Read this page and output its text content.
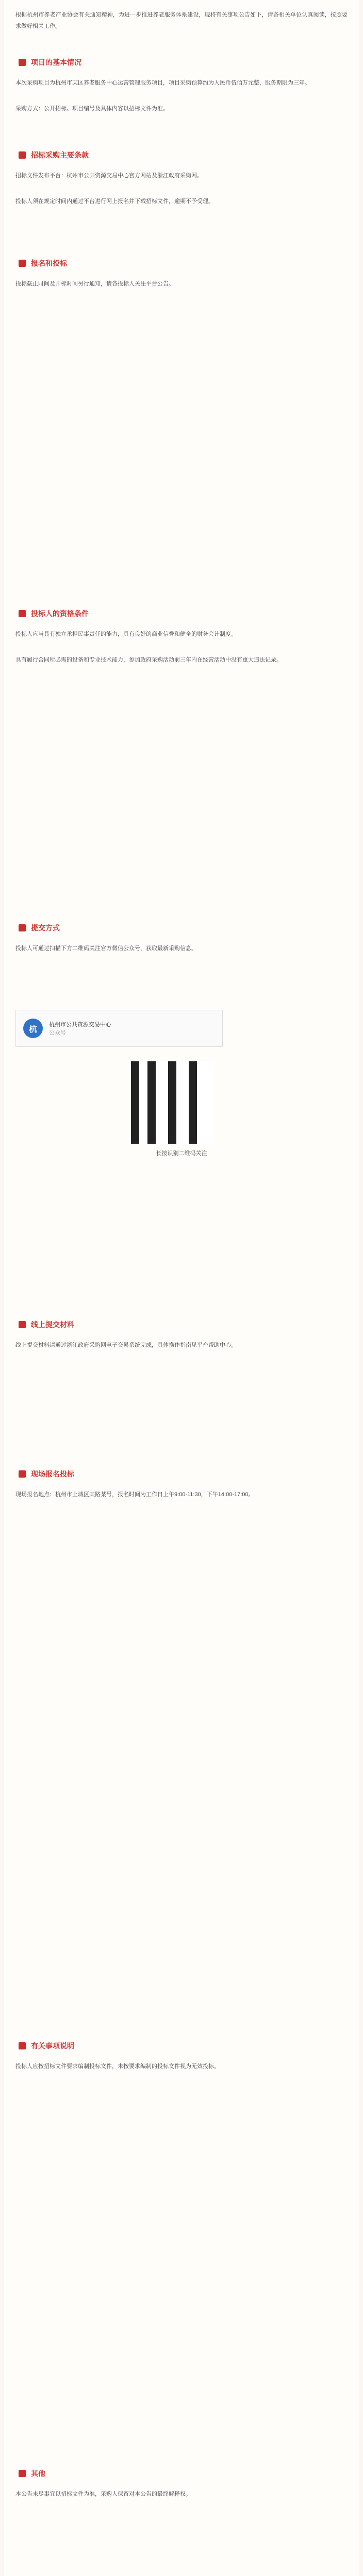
根据杭州市养老产业协会有关通知精神，为进一步推进养老服务体系建设，现将有关事项公告如下，请各相关单位认真阅读，按照要求做好相关工作。

项目的基本情况

本次采购项目为杭州市某区养老服务中心运营管理服务项目，项目采购预算约为人民币伍佰万元整，服务期限为三年。

采购方式：公开招标。项目编号及具体内容以招标文件为准。

招标采购主要条款

招标文件发布平台：杭州市公共资源交易中心官方网站及浙江政府采购网。

投标人须在规定时间内通过平台进行网上报名并下载招标文件，逾期不予受理。

报名和投标

投标截止时间及开标时间另行通知，请各投标人关注平台公告。

投标人的资格条件

投标人应当具有独立承担民事责任的能力，具有良好的商业信誉和健全的财务会计制度。

具有履行合同所必需的设备和专业技术能力，参加政府采购活动前三年内在经营活动中没有重大违法记录。

提交方式

投标人可通过扫描下方二维码关注官方微信公众号，获取最新采购信息。

杭
杭州市公共资源交易中心
公众号
长按识别二维码关注
线上提交材料

线上提交材料请通过浙江政府采购网电子交易系统完成，具体操作指南见平台帮助中心。

现场报名投标

现场报名地点：杭州市上城区某路某号，报名时间为工作日上午9:00-11:30，下午14:00-17:00。

有关事项说明

投标人应按招标文件要求编制投标文件，未按要求编制的投标文件视为无效投标。

其他

本公告未尽事宜以招标文件为准，采购人保留对本公告的最终解释权。
